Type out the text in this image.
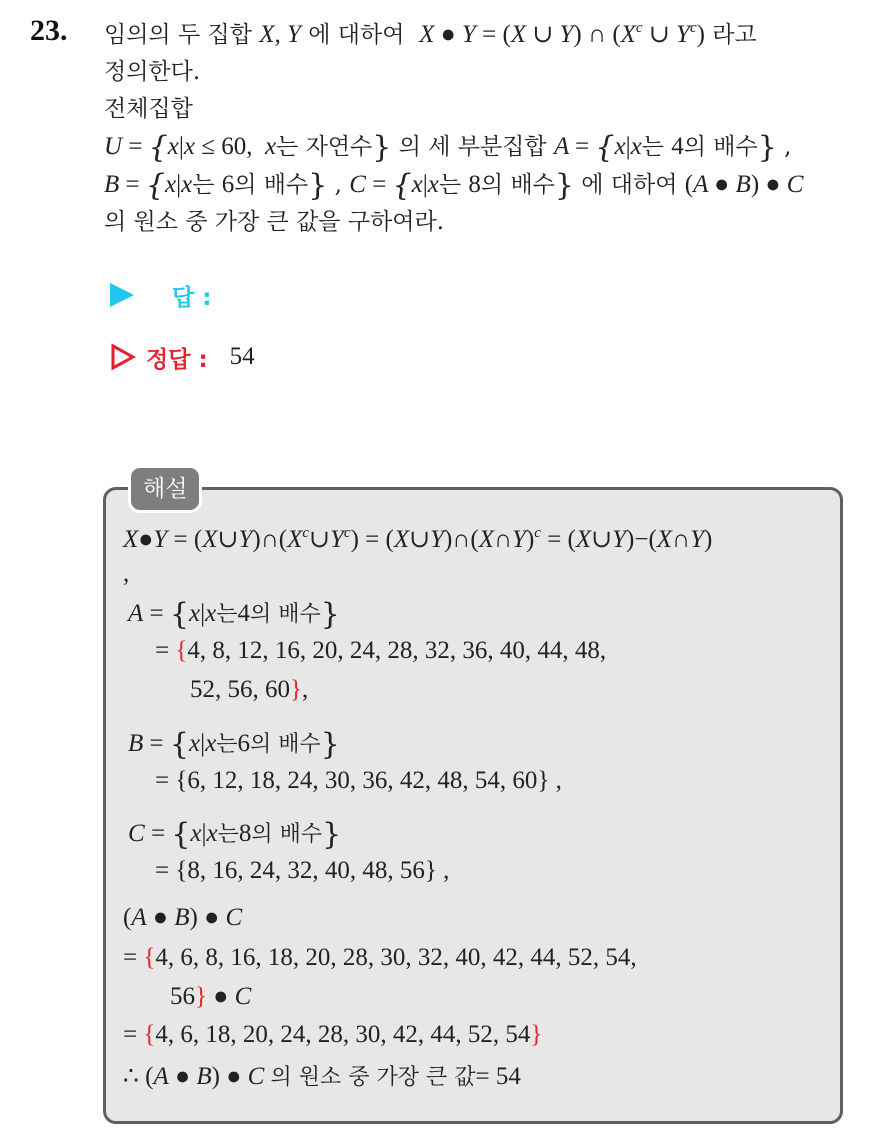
23. 임의의 두 집합 X, Y 에 대하여 X ● Y = (X ∪ Y) ∩ ($X^c$ ∪ $Y^c$) 라고
정의한다.
전체집합
U = {x|x ≤ 60,  x는 자연수} 의 세 부분집합 A = {x|x는 4의 배수} ,
B = {x|x는 6의 배수} , C = {x|x는 8의 배수} 에 대하여 (A ● B) ● C
의 원소 중 가장 큰 값을 구하여라.
답 :
정답 : 54
해설
X●Y = $(X\cup Y)\cap(X^c\cup Y^c)$ = (X∪Y)∩(X∩Y)$^c$ = (X∪Y)−(X∩Y)
,
A = {x|x는4의 배수}
= {4, 8, 12, 16, 20, 24, 28, 32, 36, 40, 44, 48,
52, 56, 60},
B = {x|x는6의 배수}
= {6, 12, 18, 24, 30, 36, 42, 48, 54, 60} ,
C = {x|x는8의 배수}
= {8, 16, 24, 32, 40, 48, 56} ,
(A ● B) ● C
= {4, 6, 8, 16, 18, 20, 28, 30, 32, 40, 42, 44, 52, 54,
56} ● C
= {4, 6, 18, 20, 24, 28, 30, 42, 44, 52, 54}
∴ (A ● B) ● C 의 원소 중 가장 큰 값= 54
